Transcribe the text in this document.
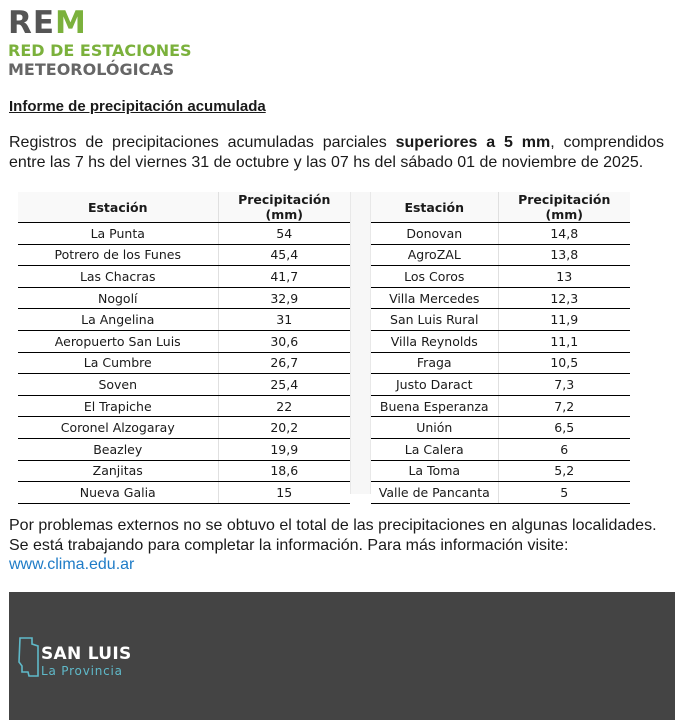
REM
RED DE ESTACIONES
METEOROLÓGICAS
Informe de precipitación acumulada

Registros de precipitaciones acumuladas parciales superiores a 5 mm, comprendidos entre las 7 hs del viernes 31 de octubre y las 07 hs del sábado 01 de noviembre de 2025.

Estación	Precipitación (mm)
La Punta	54
Potrero de los Funes	45,4
Las Chacras	41,7
Nogolí	32,9
La Angelina	31
Aeropuerto San Luis	30,6
La Cumbre	26,7
Soven	25,4
El Trapiche	22
Coronel Alzogaray	20,2
Beazley	19,9
Zanjitas	18,6
Nueva Galia	15
Estación	Precipitación (mm)
Donovan	14,8
AgroZAL	13,8
Los Coros	13
Villa Mercedes	12,3
San Luis Rural	11,9
Villa Reynolds	11,1
Fraga	10,5
Justo Daract	7,3
Buena Esperanza	7,2
Unión	6,5
La Calera	6
La Toma	5,2
Valle de Pancanta	5

Por problemas externos no se obtuvo el total de las precipitaciones en algunas localidades. Se está trabajando para completar la información. Para más información visite: www.clima.edu.ar

SAN LUIS
La Provincia
